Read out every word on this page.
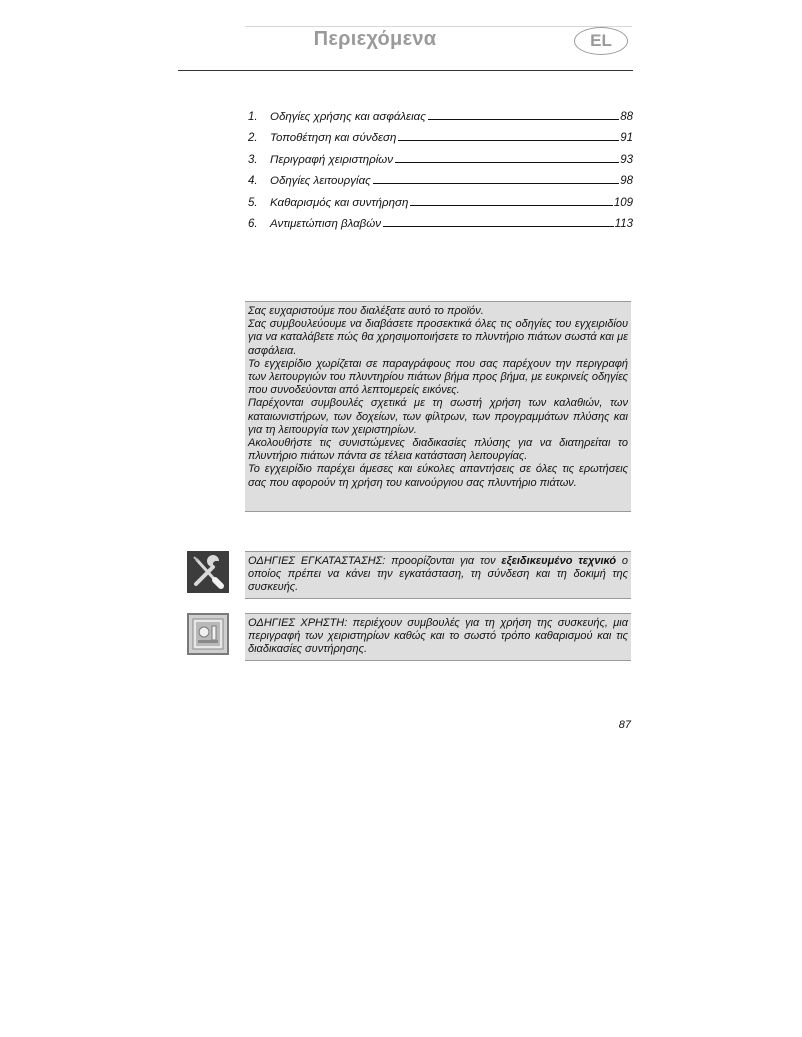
Περιεχόμενα	EL
1.	Οδηγίες χρήσης και ασφάλειας	88
2.	Τοποθέτηση και σύνδεση	91
3.	Περιγραφή χειριστηρίων	93
4.	Οδηγίες λειτουργίας	98
5.	Καθαρισμός και συντήρηση	109
6.	Αντιμετώπιση βλαβών	113

Σας ευχαριστούμε που διαλέξατε αυτό το προϊόν.

Σας συμβουλεύουμε να διαβάσετε προσεκτικά όλες τις οδηγίες του εγχειριδίου για να καταλάβετε πώς θα χρησιμοποιήσετε το πλυντήριο πιάτων σωστά και με ασφάλεια.

Το εγχειρίδιο χωρίζεται σε παραγράφους που σας παρέχουν την περιγραφή των λειτουργιών του πλυντηρίου πιάτων βήμα προς βήμα, με ευκρινείς οδηγίες που συνοδεύονται από λεπτομερείς εικόνες.

Παρέχονται συμβουλές σχετικά με τη σωστή χρήση των καλαθιών, των καταιωνιστήρων, των δοχείων, των φίλτρων, των προγραμμάτων πλύσης και για τη λειτουργία των χειριστηρίων.

Ακολουθήστε τις συνιστώμενες διαδικασίες πλύσης για να διατηρείται το πλυντήριο πιάτων πάντα σε τέλεια κατάσταση λειτουργίας.

Το εγχειρίδιο παρέχει άμεσες και εύκολες απαντήσεις σε όλες τις ερωτήσεις σας που αφορούν τη χρήση του καινούργιου σας πλυντήριο πιάτων.

ΟΔΗΓΙΕΣ ΕΓΚΑΤΑΣΤΑΣΗΣ: προορίζονται για τον εξειδικευμένο τεχνικό ο οποίος πρέπει να κάνει την εγκατάσταση, τη σύνδεση και τη δοκιμή της συσκευής.
ΟΔΗΓΙΕΣ ΧΡΗΣΤΗ: περιέχουν συμβουλές για τη χρήση της συσκευής, μια περιγραφή των χειριστηρίων καθώς και το σωστό τρόπο καθαρισμού και τις διαδικασίες συντήρησης.
87
